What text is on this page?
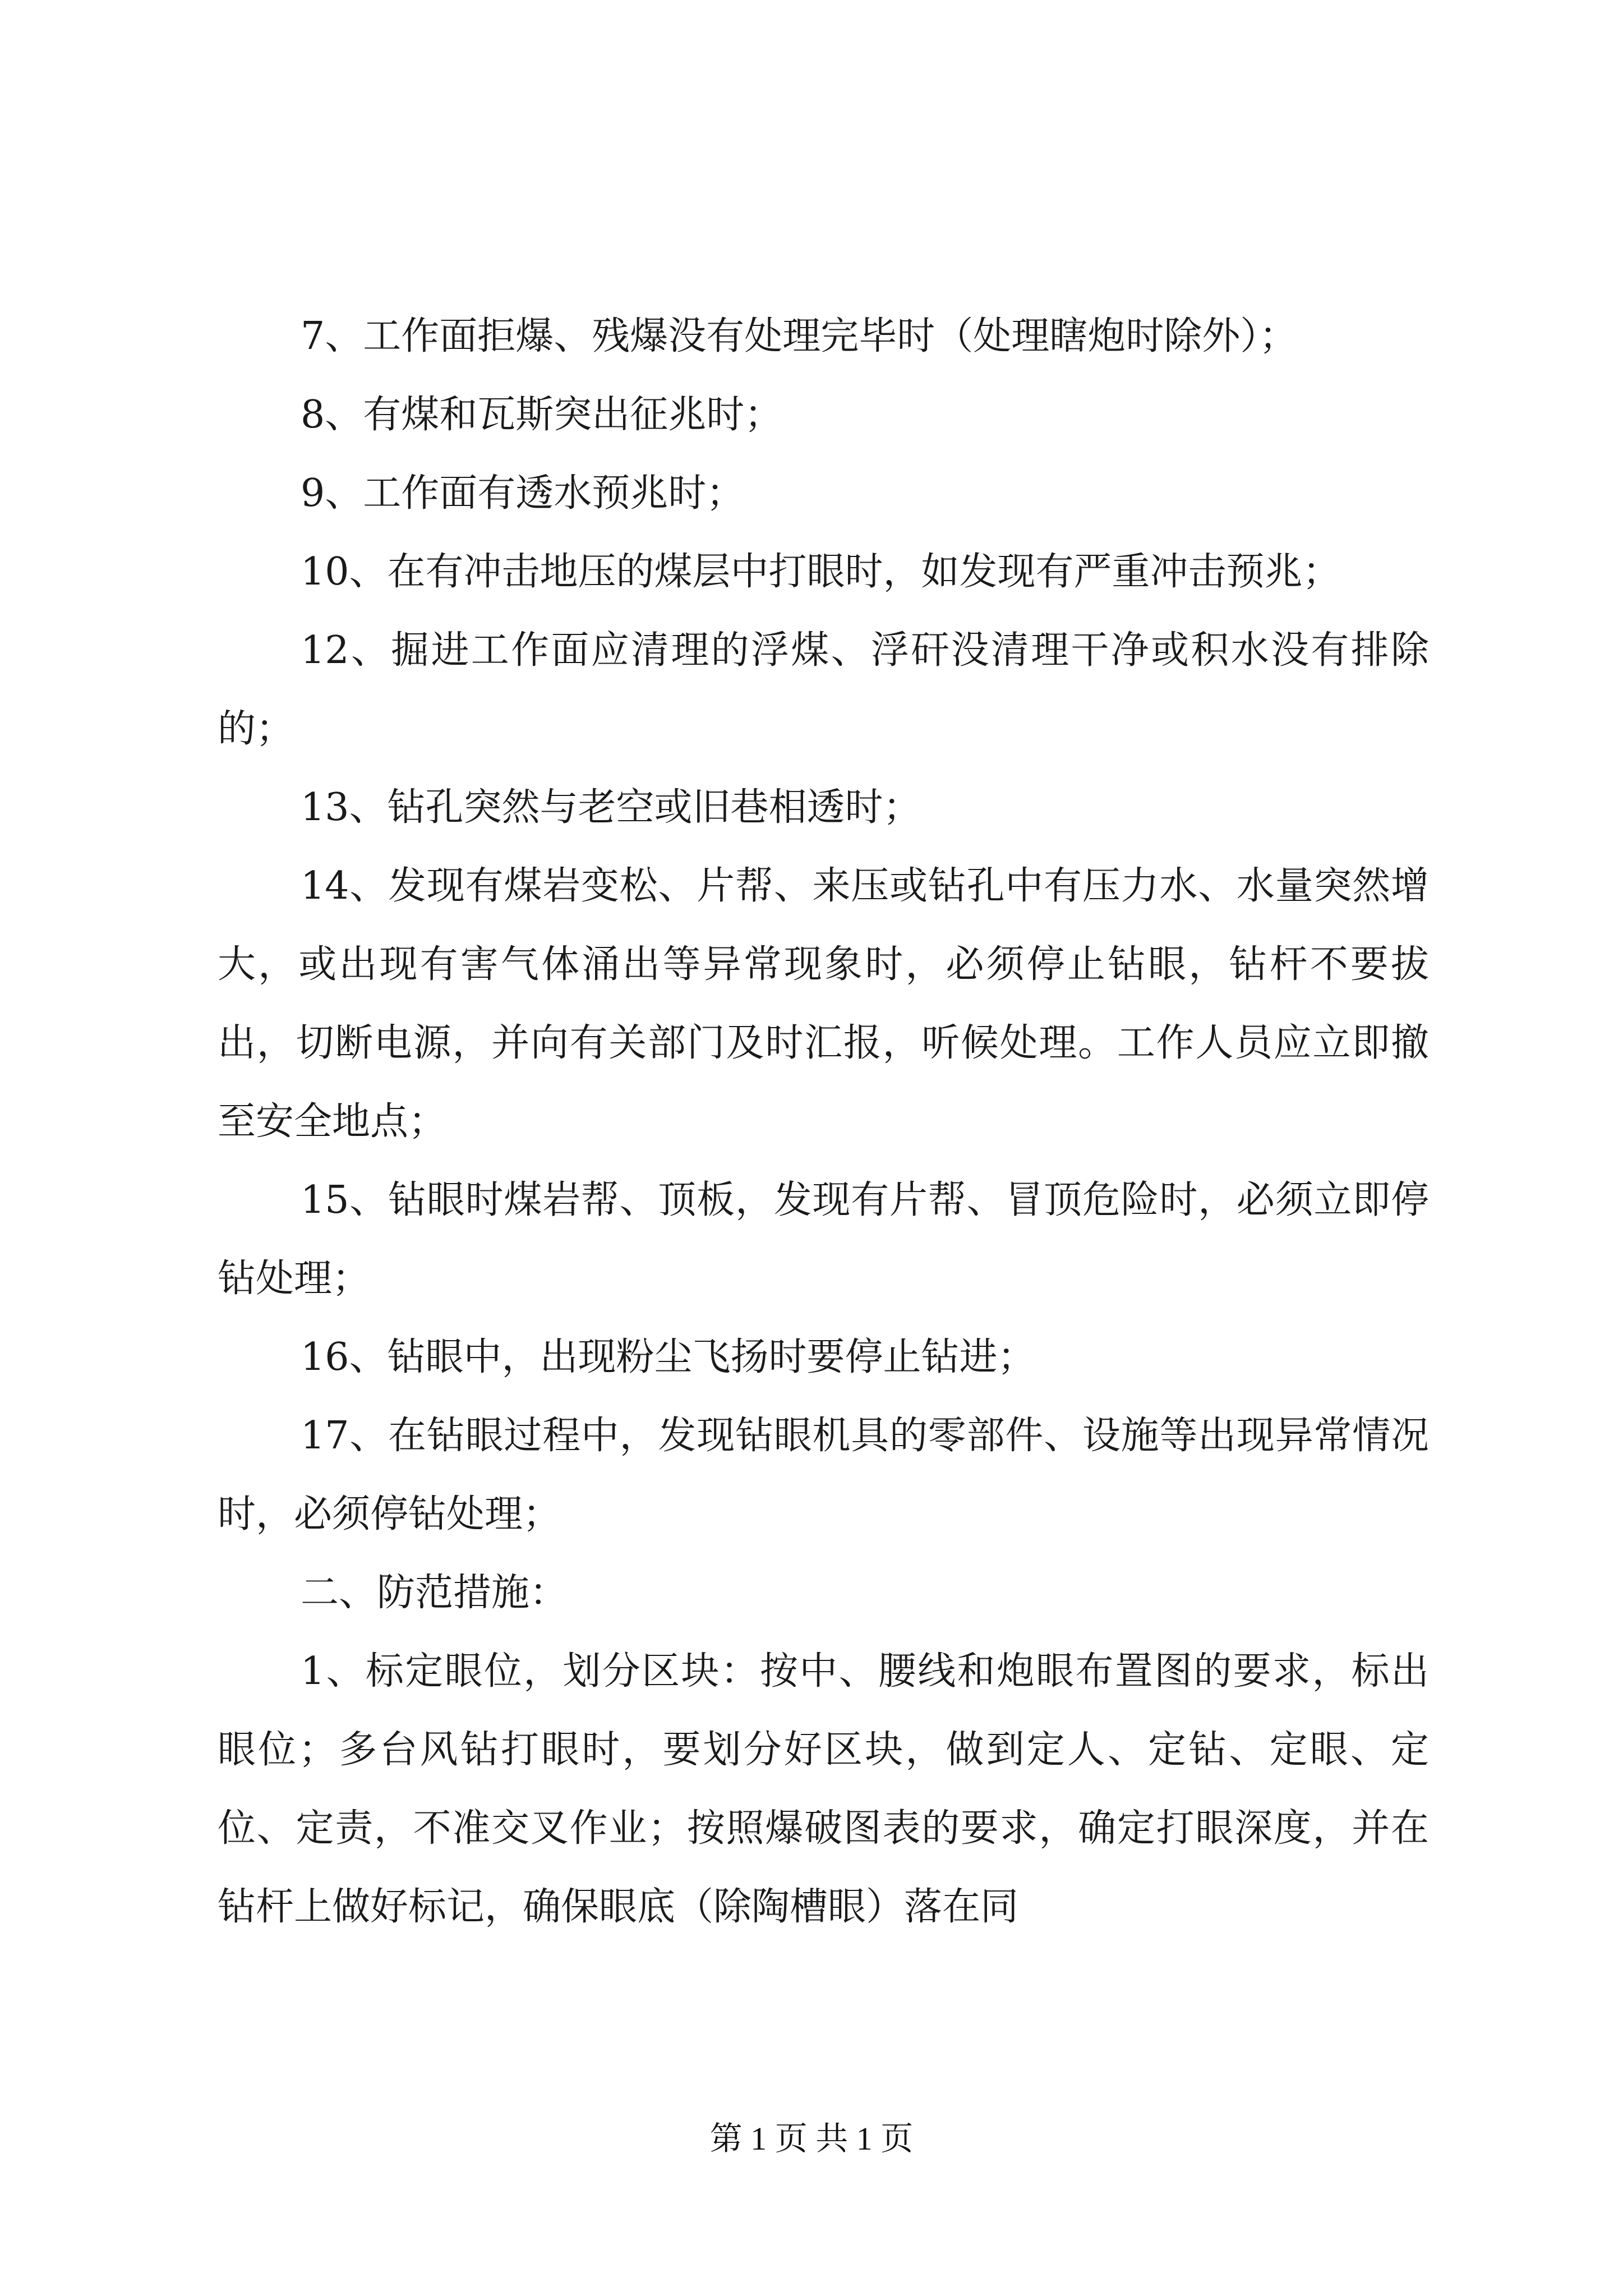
7、工作面拒爆、残爆没有处理完毕时（处理瞎炮时除外）；

8、有煤和瓦斯突出征兆时；

9、工作面有透水预兆时；

10、在有冲击地压的煤层中打眼时，如发现有严重冲击预兆；

12、掘进工作面应清理的浮煤、浮矸没清理干净或积水没有排除的；

13、钻孔突然与老空或旧巷相透时；

14、发现有煤岩变松、片帮、来压或钻孔中有压力水、水量突然增大，或出现有害气体涌出等异常现象时，必须停止钻眼，钻杆不要拔出，切断电源，并向有关部门及时汇报，听候处理。工作人员应立即撤至安全地点；

15、钻眼时煤岩帮、顶板，发现有片帮、冒顶危险时，必须立即停钻处理；

16、钻眼中，出现粉尘飞扬时要停止钻进；

17、在钻眼过程中，发现钻眼机具的零部件、设施等出现异常情况时，必须停钻处理；

二、防范措施：

1、标定眼位，划分区块：按中、腰线和炮眼布置图的要求，标出眼位；多台风钻打眼时，要划分好区块，做到定人、定钻、定眼、定位、定责，不准交叉作业；按照爆破图表的要求，确定打眼深度，并在钻杆上做好标记，确保眼底（除陶槽眼）落在同

第 1 页 共 1 页
